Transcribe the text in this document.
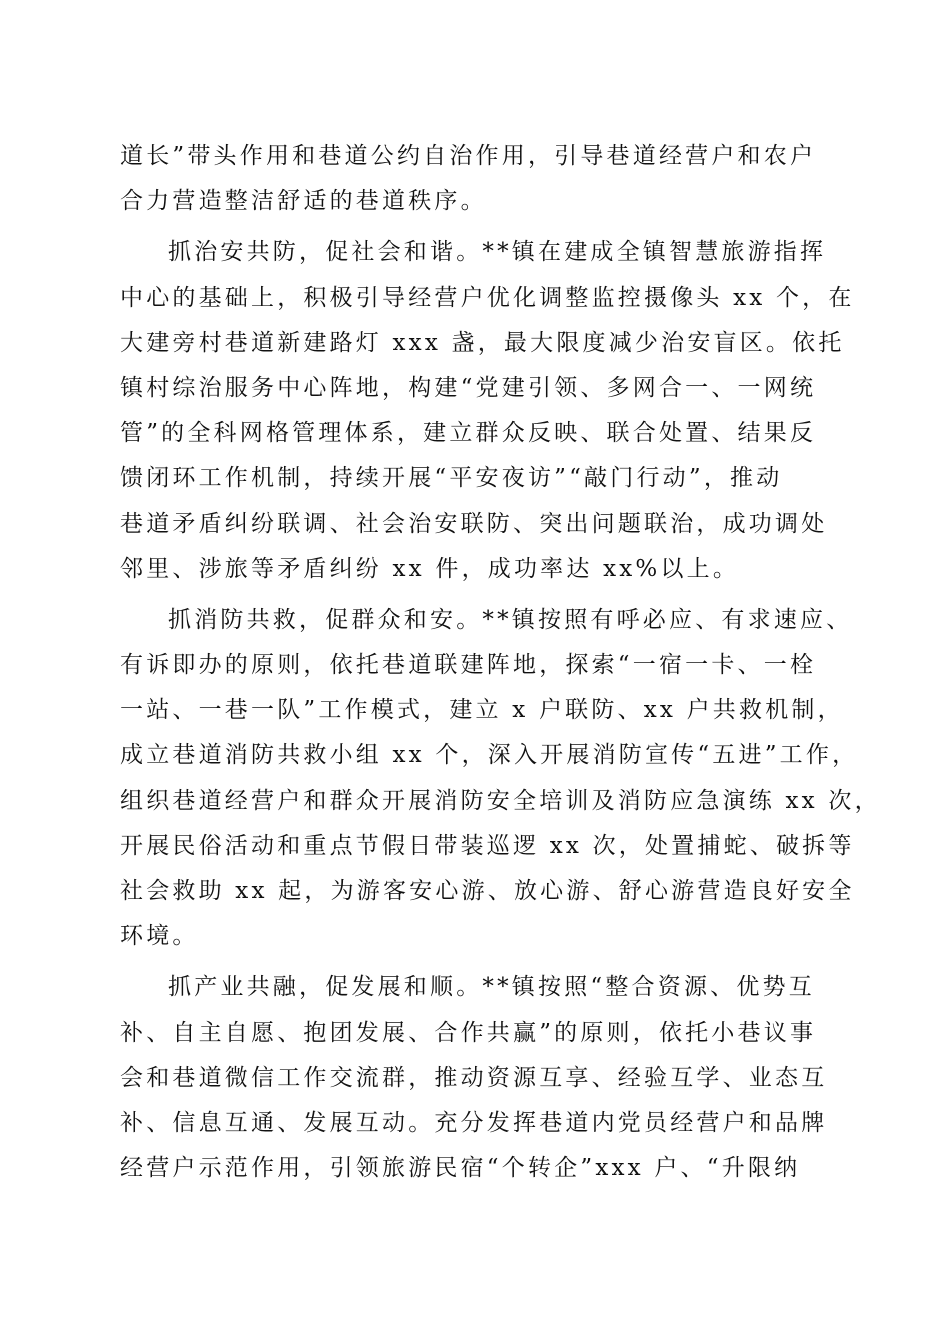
道长”带头作用和巷道公约自治作用，引导巷道经营户和农户
合力营造整洁舒适的巷道秩序。
抓治安共防，促社会和谐。**镇在建成全镇智慧旅游指挥
中心的基础上，积极引导经营户优化调整监控摄像头 xx 个，在
大建旁村巷道新建路灯 xxx 盏，最大限度减少治安盲区。依托
镇村综治服务中心阵地，构建“党建引领、多网合一、一网统
管”的全科网格管理体系，建立群众反映、联合处置、结果反
馈闭环工作机制，持续开展“平安夜访”“敲门行动”，推动
巷道矛盾纠纷联调、社会治安联防、突出问题联治，成功调处
邻里、涉旅等矛盾纠纷 xx 件，成功率达 xx%以上。
抓消防共救，促群众和安。**镇按照有呼必应、有求速应、
有诉即办的原则，依托巷道联建阵地，探索“一宿一卡、一栓
一站、一巷一队”工作模式，建立 x 户联防、xx 户共救机制，
成立巷道消防共救小组 xx 个，深入开展消防宣传“五进”工作，
组织巷道经营户和群众开展消防安全培训及消防应急演练 xx 次，
开展民俗活动和重点节假日带装巡逻 xx 次，处置捕蛇、破拆等
社会救助 xx 起，为游客安心游、放心游、舒心游营造良好安全
环境。
抓产业共融，促发展和顺。**镇按照“整合资源、优势互
补、自主自愿、抱团发展、合作共赢”的原则，依托小巷议事
会和巷道微信工作交流群，推动资源互享、经验互学、业态互
补、信息互通、发展互动。充分发挥巷道内党员经营户和品牌
经营户示范作用，引领旅游民宿“个转企”xxx 户、“升限纳
